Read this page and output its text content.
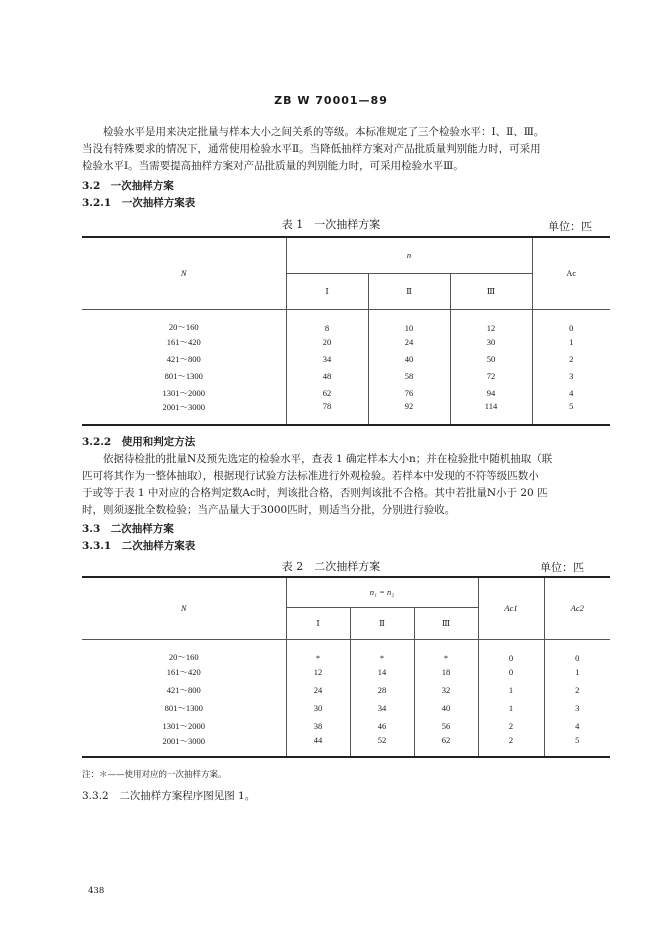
ZB W 70001—89
检验水平是用来决定批量与样本大小之间关系的等级。本标准规定了三个检验水平：Ⅰ、Ⅱ、Ⅲ。
当没有特殊要求的情况下，通常使用检验水平Ⅱ。当降低抽样方案对产品批质量判别能力时，可采用
检验水平Ⅰ。当需要提高抽样方案对产品批质量的判别能力时，可采用检验水平Ⅲ。
3.2　一次抽样方案
3.2.1　一次抽样方案表
表 1　一次抽样方案	单位：匹
N	n			Ac
	Ⅰ	Ⅱ	Ⅲ	
20～160	8	10	12	0
161～420	20	24	30	1
421～800	34	40	50	2
801～1300	48	58	72	3
1301～2000	62	76	94	4
2001～3000	78	92	114	5
3.2.2　使用和判定方法
依据待检批的批量N及预先选定的检验水平，查表 1 确定样本大小n；并在检验批中随机抽取（联
匹可将其作为一整体抽取），根据现行试验方法标准进行外观检验。若样本中发现的不符等级匹数小
于或等于表 1 中对应的合格判定数Ac时，判该批合格，否则判该批不合格。其中若批量N小于 20 匹
时，则须逐批全数检验；当产品量大于3000匹时，则适当分批，分别进行验收。
3.3　二次抽样方案
3.3.1　二次抽样方案表
表 2　二次抽样方案	单位：匹
N	n₁ = n₂			Ac1	Ac2
	Ⅰ	Ⅱ	Ⅲ		
20～160	*	*	*	0	0
161～420	12	14	18	0	1
421～800	24	28	32	1	2
801～1300	30	34	40	1	3
1301～2000	38	46	56	2	4
2001～3000	44	52	62	2	5
注：＊——使用对应的一次抽样方案。
3.3.2　二次抽样方案程序图见图 1。
438
